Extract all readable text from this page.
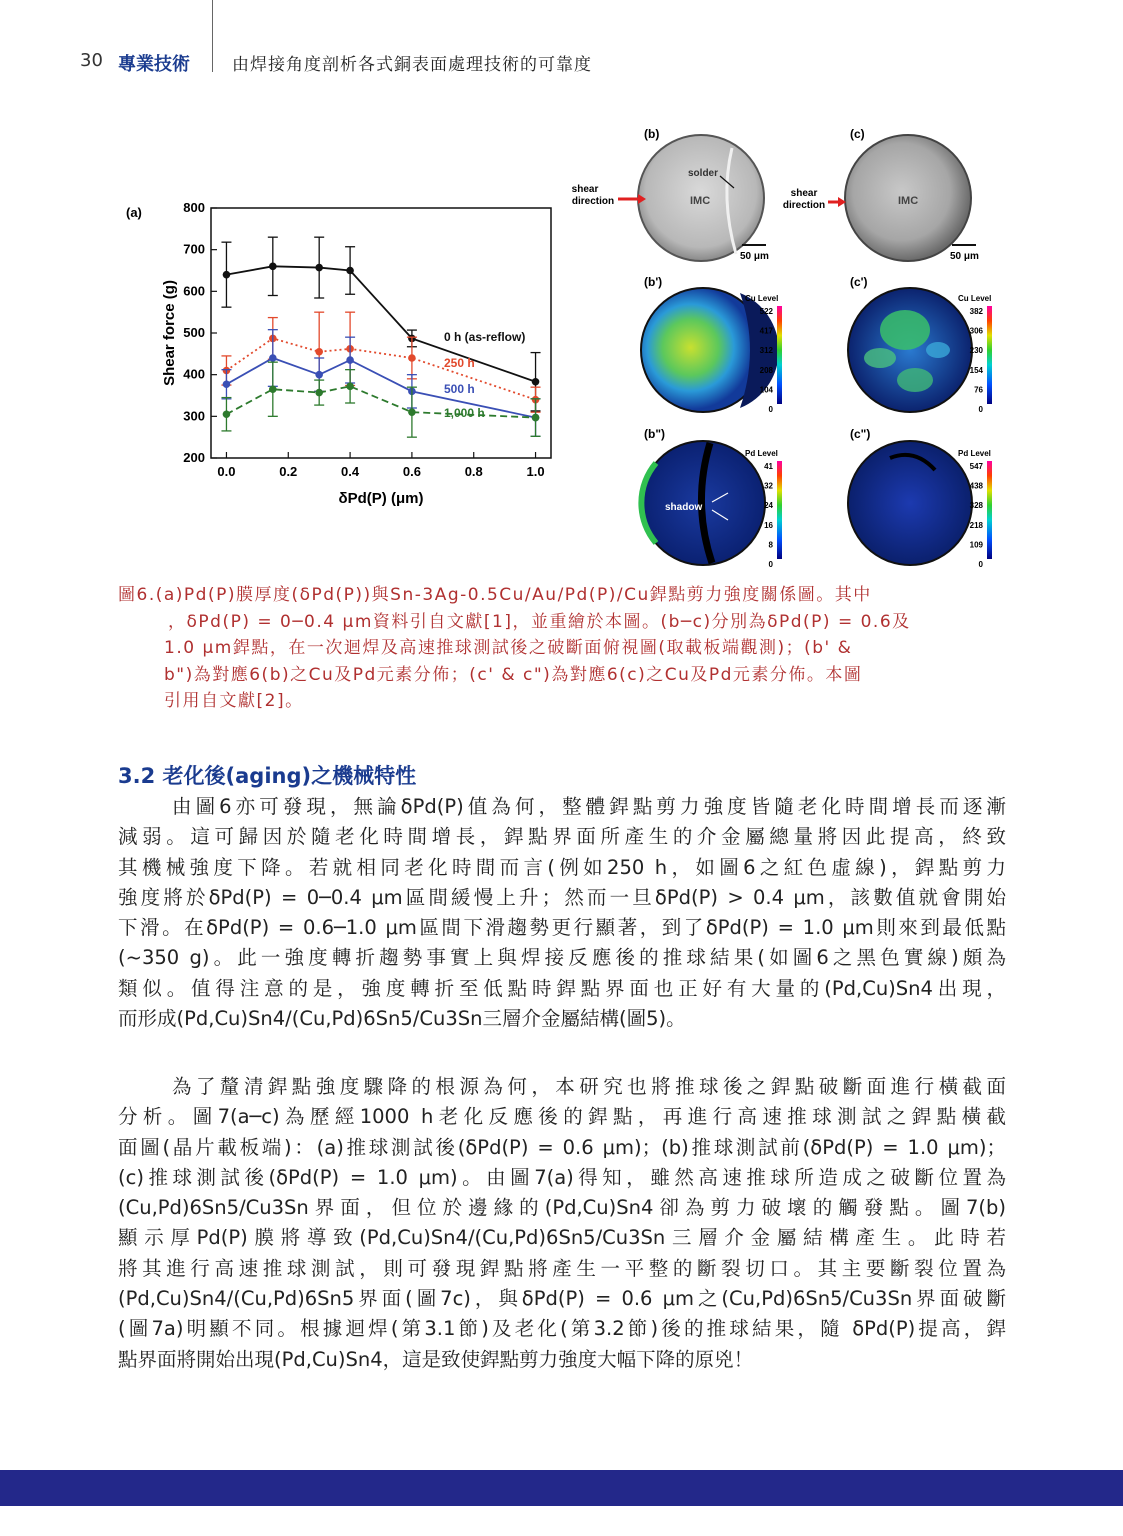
30 專業技術 由焊接角度剖析各式銅表面處理技術的可靠度
(a)
200
300
400
500
600
700
800
0.0	0.2	0.4	0.6	0.8	1.0
Shear force (g)
δPd(P) (μm)
0 h (as-reflow)
250 h
500 h
1,000 h
(b)	(c)
solder
IMC
shear
direction
50 μm
IMC
shear
direction
50 μm
(b')	(c')
Cu Level
522
417
312
208
104
0
Cu Level
382
306
230
154
76
0
(b")	(c")
shadow
Pd Level
41
32
24
16
8
0
Pd Level
547
438
328
218
109
0
圖6.(a)Pd(P)膜厚度(δPd(P))與Sn-3Ag-0.5Cu/Au/Pd(P)/Cu銲點剪力強度關係圖。其中
，δPd(P) = 0─0.4 μm資料引自文獻[1]，並重繪於本圖。(b─c)分別為δPd(P) = 0.6及
1.0 μm銲點，在一次迴焊及高速推球測試後之破斷面俯視圖(取載板端觀測)；(b' &
b")為對應6(b)之Cu及Pd元素分佈；(c' & c")為對應6(c)之Cu及Pd元素分佈。本圖
引用自文獻[2]。
3.2 老化後(aging)之機械特性
由圖6亦可發現，無論δPd(P)值為何，整體銲點剪力強度皆隨老化時間增長而逐漸
減弱。這可歸因於隨老化時間增長，銲點界面所產生的介金屬總量將因此提高，終致
其機械強度下降。若就相同老化時間而言(例如250 h，如圖6之紅色虛線)，銲點剪力
強度將於δPd(P) = 0─0.4 μm區間緩慢上升；然而一旦δPd(P) > 0.4 μm，該數值就會開始
下滑。在δPd(P) = 0.6─1.0 μm區間下滑趨勢更行顯著，到了δPd(P) = 1.0 μm則來到最低點
(~350 g)。此一強度轉折趨勢事實上與焊接反應後的推球結果(如圖6之黑色實線)頗為
類似。值得注意的是，強度轉折至低點時銲點界面也正好有大量的(Pd,Cu)Sn4出現，
而形成(Pd,Cu)Sn4/(Cu,Pd)6Sn5/Cu3Sn三層介金屬結構(圖5)。
為了釐清銲點強度驟降的根源為何，本研究也將推球後之銲點破斷面進行橫截面
分析。圖7(a─c)為歷經1000 h老化反應後的銲點，再進行高速推球測試之銲點橫截
面圖(晶片載板端)：(a)推球測試後(δPd(P) = 0.6 μm)；(b)推球測試前(δPd(P) = 1.0 μm)；
(c)推球測試後(δPd(P) = 1.0 μm)。由圖7(a)得知，雖然高速推球所造成之破斷位置為
(Cu,Pd)6Sn5/Cu3Sn界面，但位於邊緣的(Pd,Cu)Sn4卻為剪力破壞的觸發點。圖7(b)
顯示厚Pd(P)膜將導致(Pd,Cu)Sn4/(Cu,Pd)6Sn5/Cu3Sn三層介金屬結構產生。此時若
將其進行高速推球測試，則可發現銲點將產生一平整的斷裂切口。其主要斷裂位置為
(Pd,Cu)Sn4/(Cu,Pd)6Sn5界面(圖7c)，與δPd(P) = 0.6 μm之(Cu,Pd)6Sn5/Cu3Sn界面破斷
(圖7a)明顯不同。根據迴焊(第3.1節)及老化(第3.2節)後的推球結果，隨 δPd(P)提高，銲
點界面將開始出現(Pd,Cu)Sn4，這是致使銲點剪力強度大幅下降的原兇！
